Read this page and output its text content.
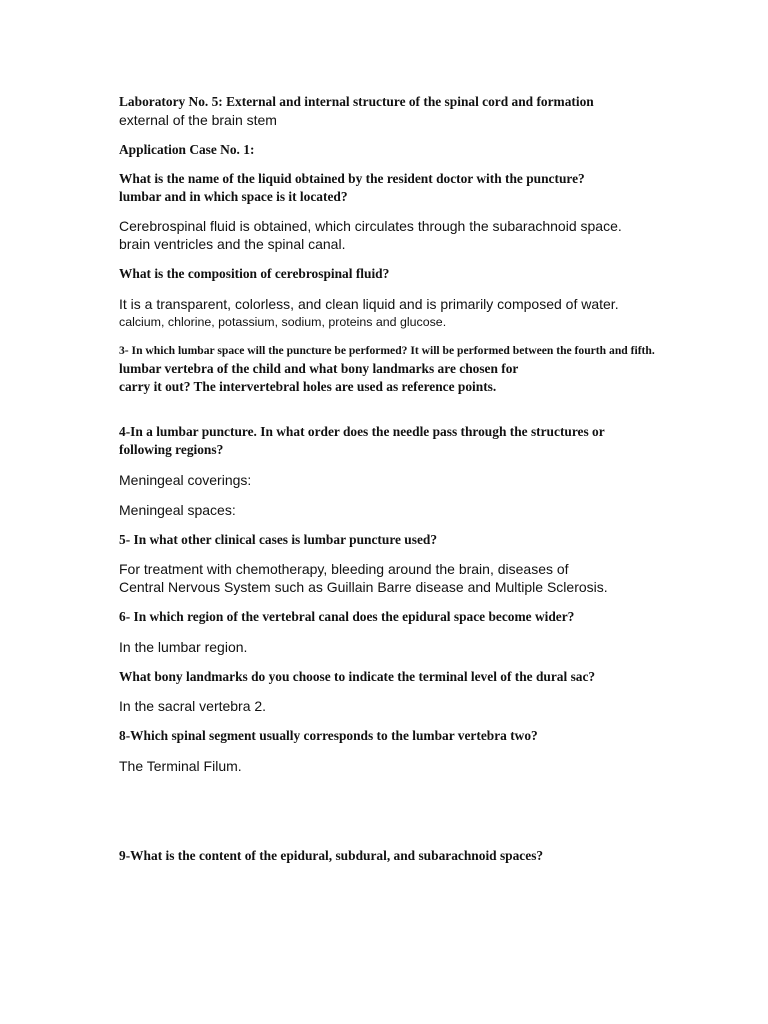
Laboratory No. 5: External and internal structure of the spinal cord and formation
external of the brain stem
Application Case No. 1:
What is the name of the liquid obtained by the resident doctor with the puncture?
lumbar and in which space is it located?
Cerebrospinal fluid is obtained, which circulates through the subarachnoid space.
brain ventricles and the spinal canal.
What is the composition of cerebrospinal fluid?
It is a transparent, colorless, and clean liquid and is primarily composed of water.
calcium, chlorine, potassium, sodium, proteins and glucose.
3- In which lumbar space will the puncture be performed? It will be performed between the fourth and fifth.
lumbar vertebra of the child and what bony landmarks are chosen for
carry it out? The intervertebral holes are used as reference points.
4-In a lumbar puncture. In what order does the needle pass through the structures or
following regions?
Meningeal coverings:
Meningeal spaces:
5- In what other clinical cases is lumbar puncture used?
For treatment with chemotherapy, bleeding around the brain, diseases of
Central Nervous System such as Guillain Barre disease and Multiple Sclerosis.
6- In which region of the vertebral canal does the epidural space become wider?
In the lumbar region.
What bony landmarks do you choose to indicate the terminal level of the dural sac?
In the sacral vertebra 2.
8-Which spinal segment usually corresponds to the lumbar vertebra two?
The Terminal Filum.
9-What is the content of the epidural, subdural, and subarachnoid spaces?
